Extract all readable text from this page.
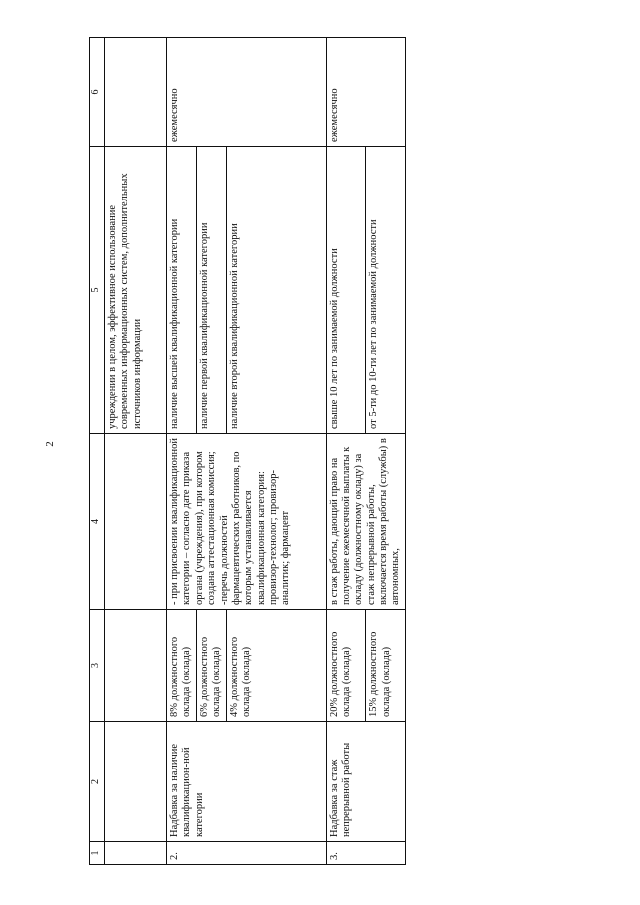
2
1	2	3	4	5	6
				учреждении в целом, эффективное использование современных информационных систем, дополнительных источников информации	
2.	Надбавка за наличие квалификацион-ной категории	8% должностного оклада (оклада)	- при присвоении квалификационной категории – согласно дате приказа органа (учреждения), при котором создана аттестационная комиссия; -перечь должностей фармацевтических работников, по которым устанавливается квалификационная категория: провизор-технолог; провизор-аналитик; фармацевт	наличие высшей квалификационной категории	ежемесячно
		6% должностного оклада (оклада)		наличие первой квалификационной категории	
		4% должностного оклада (оклада)		наличие второй квалификационной категории	
3.	Надбавка за стаж непрерывной работы	20% должностного оклада (оклада)	в стаж работы, дающий право на получение ежемесячной выплаты к окладу (должностному окладу) за стаж непрерывной работы, включается время работы (службы) в автономных,	свыше 10 лет по занимаемой должности	ежемесячно
		15% должностного оклада (оклада)		от 5-ти до 10-ти лет по занимаемой должности	
